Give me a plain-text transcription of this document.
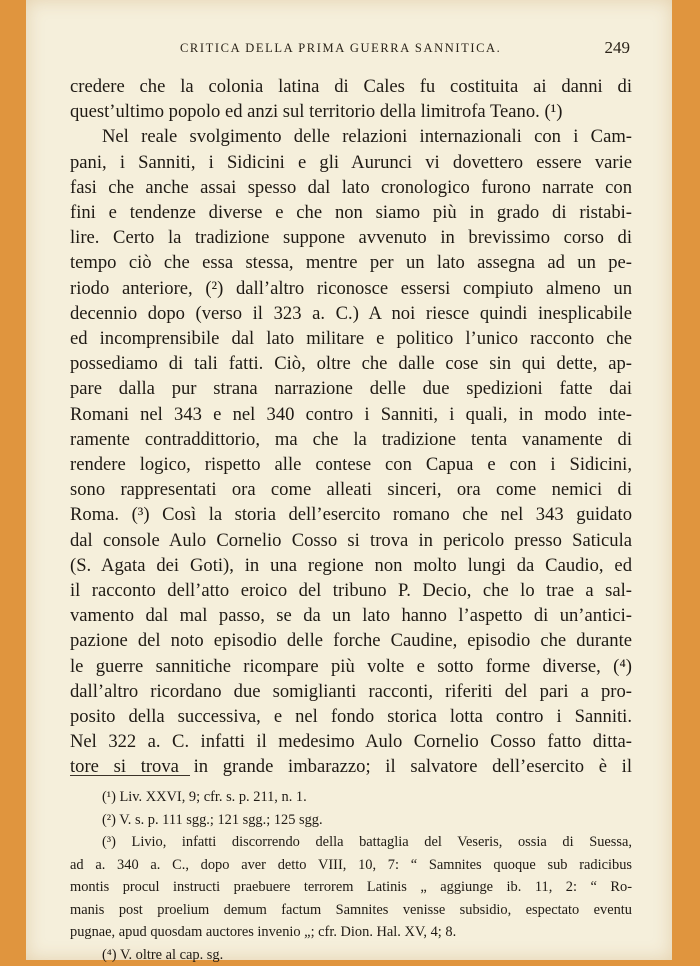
CRITICA DELLA PRIMA GUERRA SANNITICA.	249
credere che la colonia latina di Cales fu costituita ai danni di
quest’ultimo popolo ed anzi sul territorio della limitrofa Teano. (¹)
Nel reale svolgimento delle relazioni internazionali con i Cam-
pani, i Sanniti, i Sidicini e gli Aurunci vi dovettero essere varie
fasi che anche assai spesso dal lato cronologico furono narrate con
fini e tendenze diverse e che non siamo più in grado di ristabi-
lire. Certo la tradizione suppone avvenuto in brevissimo corso di
tempo ciò che essa stessa, mentre per un lato assegna ad un pe-
riodo anteriore, (²) dall’altro riconosce essersi compiuto almeno un
decennio dopo (verso il 323 a. C.) A noi riesce quindi inesplicabile
ed incomprensibile dal lato militare e politico l’unico racconto che
possediamo di tali fatti. Ciò, oltre che dalle cose sin qui dette, ap-
pare dalla pur strana narrazione delle due spedizioni fatte dai
Romani nel 343 e nel 340 contro i Sanniti, i quali, in modo inte-
ramente contraddittorio, ma che la tradizione tenta vanamente di
rendere logico, rispetto alle contese con Capua e con i Sidicini,
sono rappresentati ora come alleati sinceri, ora come nemici di
Roma. (³) Così la storia dell’esercito romano che nel 343 guidato
dal console Aulo Cornelio Cosso si trova in pericolo presso Saticula
(S. Agata dei Goti), in una regione non molto lungi da Caudio, ed
il racconto dell’atto eroico del tribuno P. Decio, che lo trae a sal-
vamento dal mal passo, se da un lato hanno l’aspetto di un’antici-
pazione del noto episodio delle forche Caudine, episodio che durante
le guerre sannitiche ricompare più volte e sotto forme diverse, (⁴)
dall’altro ricordano due somiglianti racconti, riferiti del pari a pro-
posito della successiva, e nel fondo storica lotta contro i Sanniti.
Nel 322 a. C. infatti il medesimo Aulo Cornelio Cosso fatto ditta-
tore si trova in grande imbarazzo; il salvatore dell’esercito è il
(¹) Liv. XXVI, 9; cfr. s. p. 211, n. 1.
(²) V. s. p. 111 sgg.; 121 sgg.; 125 sgg.
(³) Livio, infatti discorrendo della battaglia del Veseris, ossia di Suessa,
ad a. 340 a. C., dopo aver detto VIII, 10, 7: “ Samnites quoque sub radicibus
montis procul instructi praebuere terrorem Latinis „ aggiunge ib. 11, 2: “ Ro-
manis post proelium demum factum Samnites venisse subsidio, espectato eventu
pugnae, apud quosdam auctores invenio „; cfr. Dion. Hal. XV, 4; 8.
(⁴) V. oltre al cap. sg.
